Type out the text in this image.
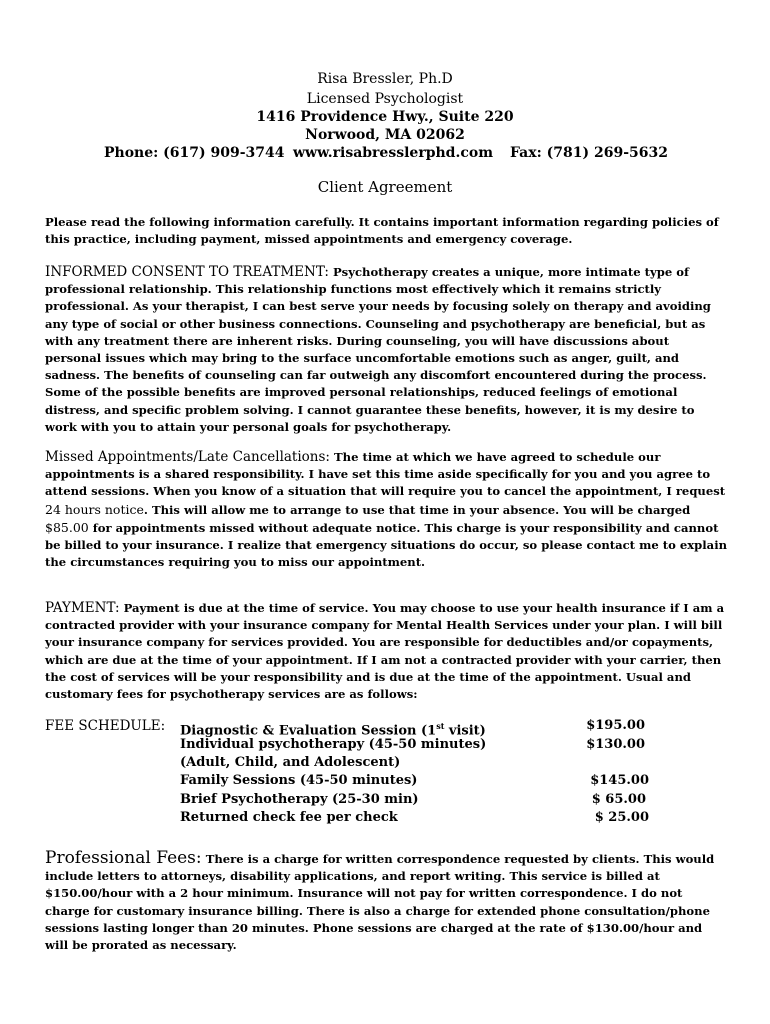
Risa Bressler, Ph.D
Licensed Psychologist
1416 Providence Hwy., Suite 220
Norwood, MA 02062
Phone: (617) 909-3744 www.risabresslerphd.com Fax: (781) 269-5632
Client Agreement
Please read the following information carefully. It contains important information regarding policies of this practice, including payment, missed appointments and emergency coverage.
INFORMED CONSENT TO TREATMENT: Psychotherapy creates a unique, more intimate type of professional relationship. This relationship functions most effectively which it remains strictly professional. As your therapist, I can best serve your needs by focusing solely on therapy and avoiding any type of social or other business connections. Counseling and psychotherapy are beneficial, but as with any treatment there are inherent risks. During counseling, you will have discussions about personal issues which may bring to the surface uncomfortable emotions such as anger, guilt, and sadness. The benefits of counseling can far outweigh any discomfort encountered during the process. Some of the possible benefits are improved personal relationships, reduced feelings of emotional distress, and specific problem solving. I cannot guarantee these benefits, however, it is my desire to work with you to attain your personal goals for psychotherapy.
Missed Appointments/Late Cancellations: The time at which we have agreed to schedule our appointments is a shared responsibility. I have set this time aside specifically for you and you agree to attend sessions. When you know of a situation that will require you to cancel the appointment, I request 24 hours notice. This will allow me to arrange to use that time in your absence. You will be charged $85.00 for appointments missed without adequate notice. This charge is your responsibility and cannot be billed to your insurance. I realize that emergency situations do occur, so please contact me to explain the circumstances requiring you to miss our appointment.
PAYMENT: Payment is due at the time of service. You may choose to use your health insurance if I am a contracted provider with your insurance company for Mental Health Services under your plan. I will bill your insurance company for services provided. You are responsible for deductibles and/or copayments, which are due at the time of your appointment. If I am not a contracted provider with your carrier, then the cost of services will be your responsibility and is due at the time of the appointment. Usual and customary fees for psychotherapy services are as follows:
FEE SCHEDULE: Diagnostic & Evaluation Session (1st visit)	$195.00
Individual psychotherapy (45-50 minutes)	$130.00
(Adult, Child, and Adolescent)
Family Sessions (45-50 minutes)	$145.00
Brief Psychotherapy (25-30 min)	$ 65.00
Returned check fee per check	$ 25.00
Professional Fees: There is a charge for written correspondence requested by clients. This would include letters to attorneys, disability applications, and report writing. This service is billed at $150.00/hour with a 2 hour minimum. Insurance will not pay for written correspondence. I do not charge for customary insurance billing. There is also a charge for extended phone consultation/phone sessions lasting longer than 20 minutes. Phone sessions are charged at the rate of $130.00/hour and will be prorated as necessary.
